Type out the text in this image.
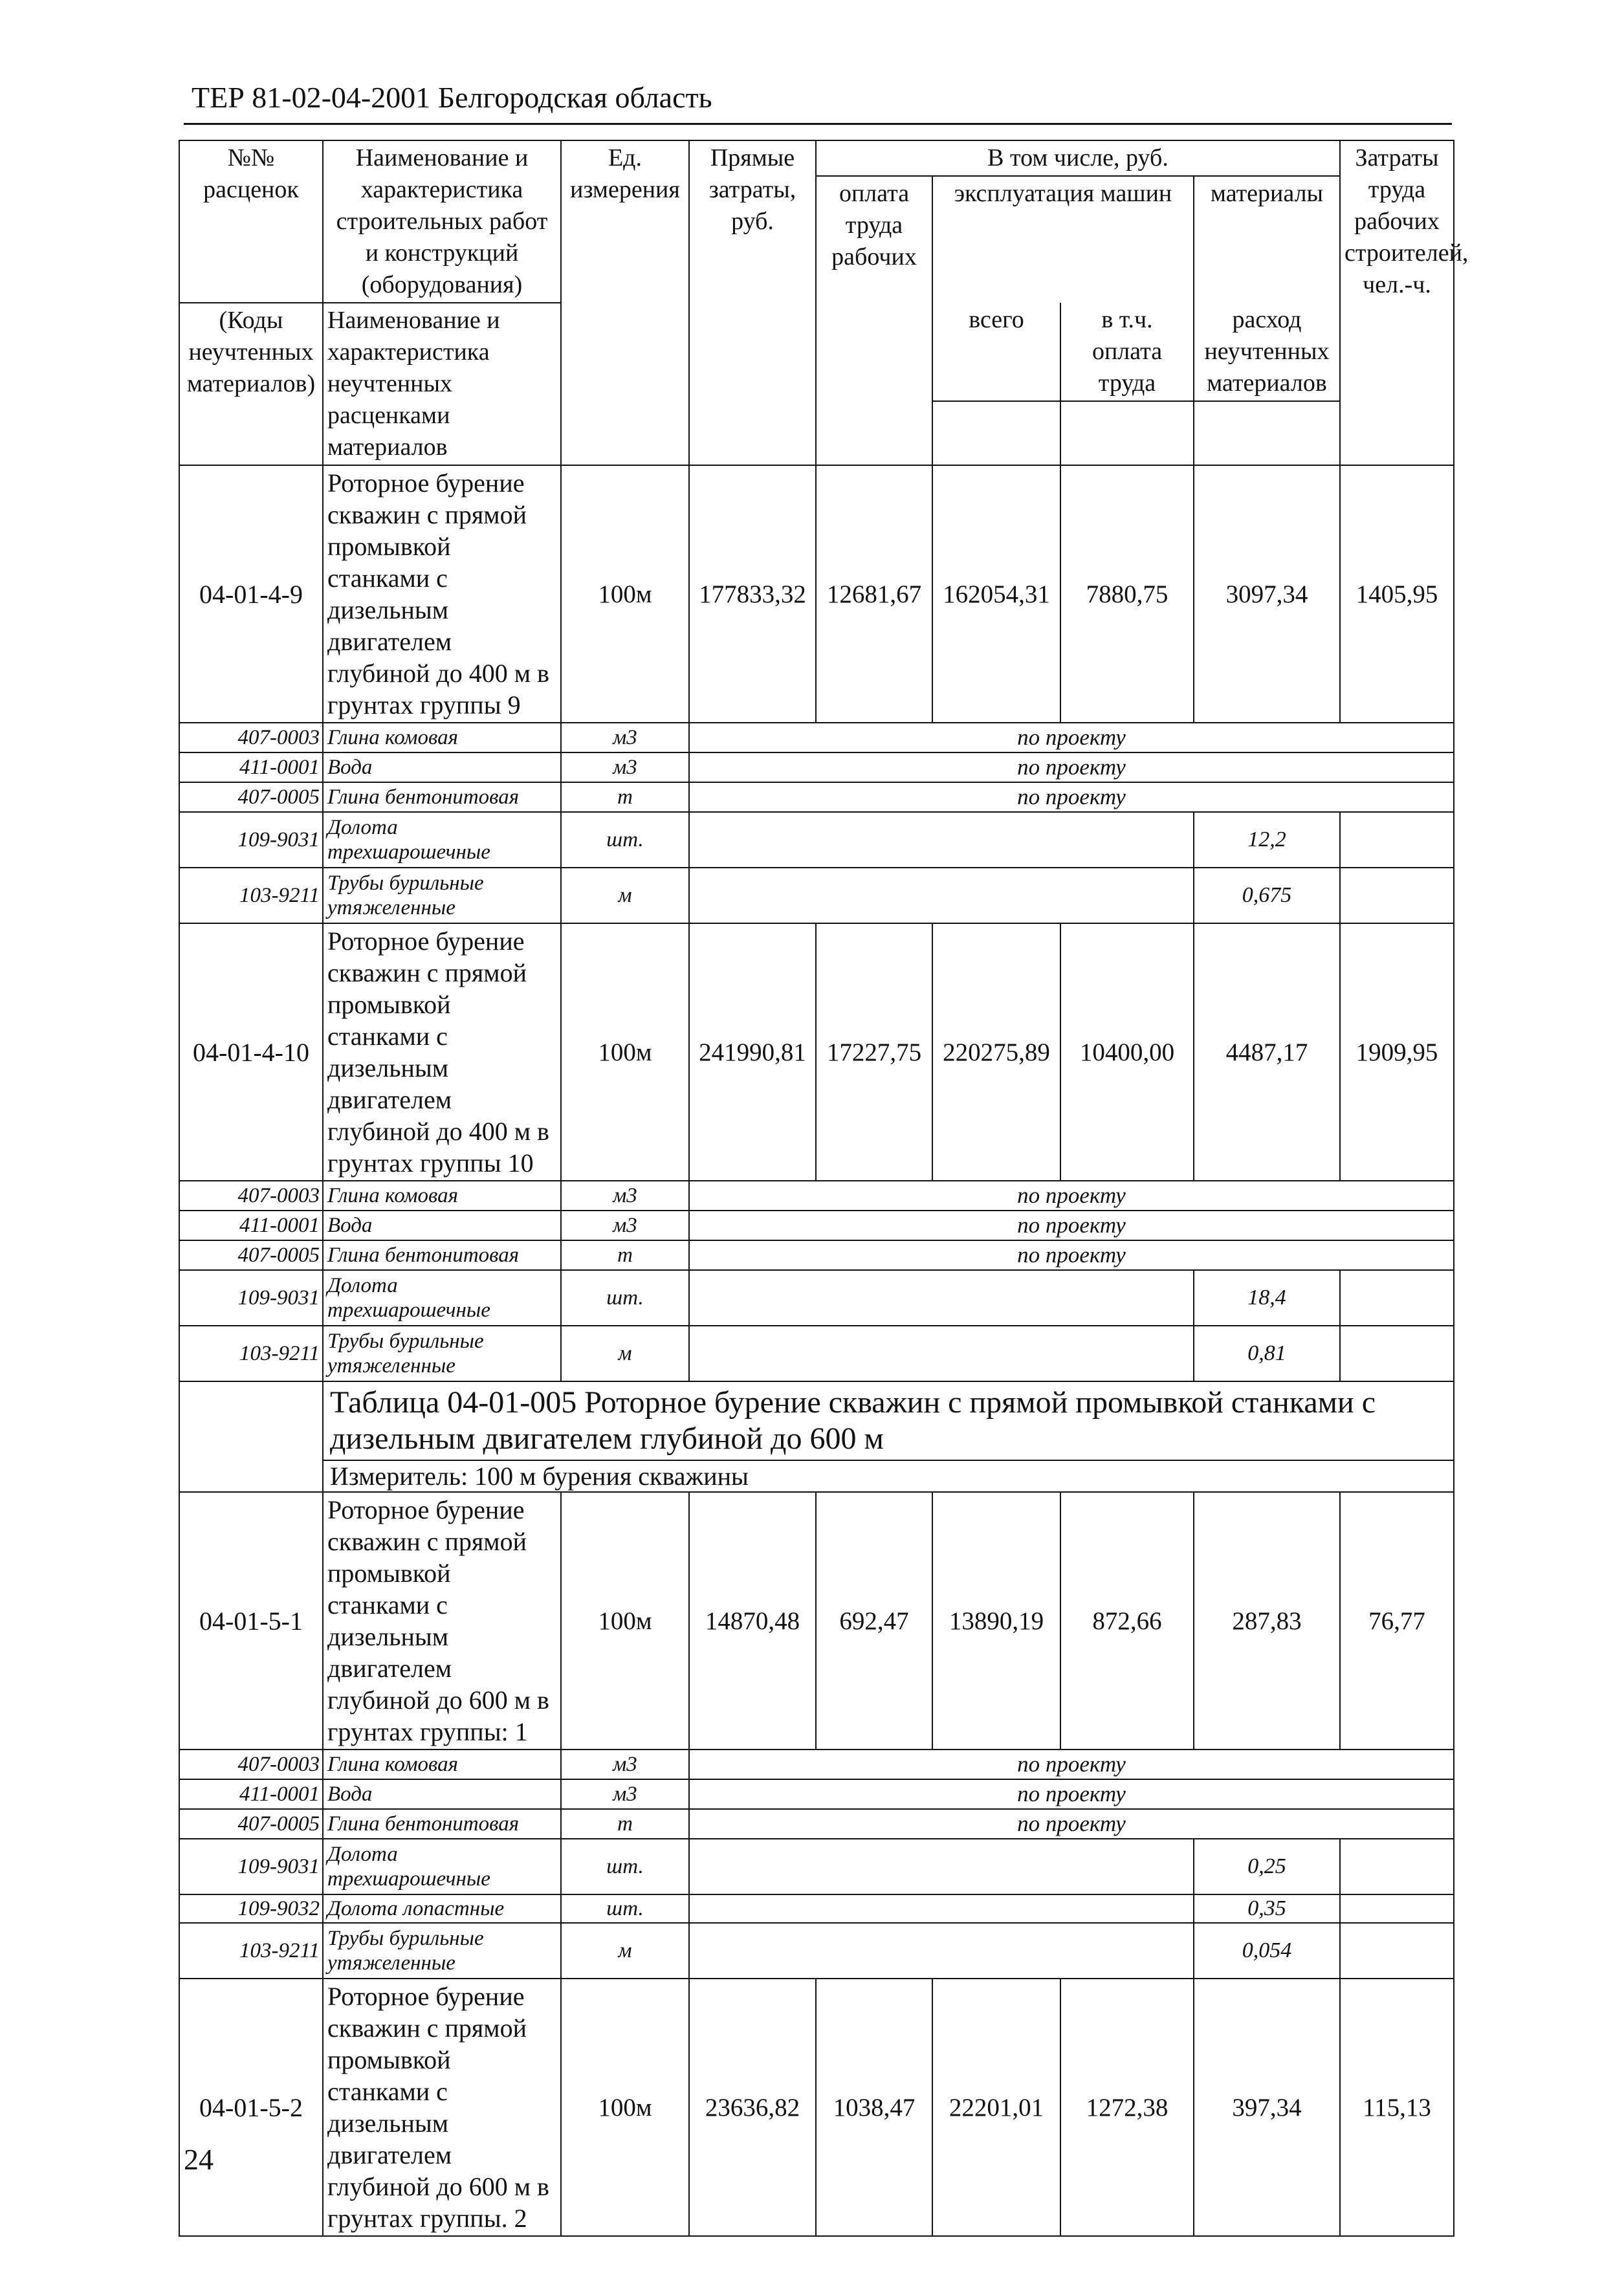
ТЕР 81-02-04-2001 Белгородская область
№№ расценок	Наименование и характеристика строительных работ и конструкций (оборудования)	Ед. измерения	Прямые затраты, руб.	В том числе, руб.				Затраты труда рабочих строителей, чел.-ч.
				оплата труда рабочих	эксплуатация машин		материалы	
(Коды неучтенных материалов)	Наименование и характеристика неучтенных расценками материалов				всего	в т.ч. оплата труда	расход неучтенных материалов	

04-01-4-9	Роторное бурение скважин с прямой промывкой станками с дизельным двигателем глубиной до 400 м в грунтах группы 9	100м	177833,32	12681,67	162054,31	7880,75	3097,34	1405,95
407-0003	Глина комовая	м3	по проекту					
411-0001	Вода	м3	по проекту					
407-0005	Глина бентонитовая	т	по проекту					
109-9031	Долота трехшарошечные	шт.					12,2	
103-9211	Трубы бурильные утяжеленные	м					0,675	
04-01-4-10	Роторное бурение скважин с прямой промывкой станками с дизельным двигателем глубиной до 400 м в грунтах группы 10	100м	241990,81	17227,75	220275,89	10400,00	4487,17	1909,95
407-0003	Глина комовая	м3	по проекту					
411-0001	Вода	м3	по проекту					
407-0005	Глина бентонитовая	т	по проекту					
109-9031	Долота трехшарошечные	шт.					18,4	
103-9211	Трубы бурильные утяжеленные	м					0,81	
	Таблица 04-01-005 Роторное бурение скважин с прямой промывкой станками с дизельным двигателем глубиной до 600 м							
	Измеритель: 100 м бурения скважины							
04-01-5-1	Роторное бурение скважин с прямой промывкой станками с дизельным двигателем глубиной до 600 м в грунтах группы: 1	100м	14870,48	692,47	13890,19	872,66	287,83	76,77
407-0003	Глина комовая	м3	по проекту					
411-0001	Вода	м3	по проекту					
407-0005	Глина бентонитовая	т	по проекту					
109-9031	Долота трехшарошечные	шт.					0,25	
109-9032	Долота лопастные	шт.					0,35	
103-9211	Трубы бурильные утяжеленные	м					0,054	
04-01-5-2	Роторное бурение скважин с прямой промывкой станками с дизельным двигателем глубиной до 600 м в грунтах группы. 2	100м	23636,82	1038,47	22201,01	1272,38	397,34	115,13
24
